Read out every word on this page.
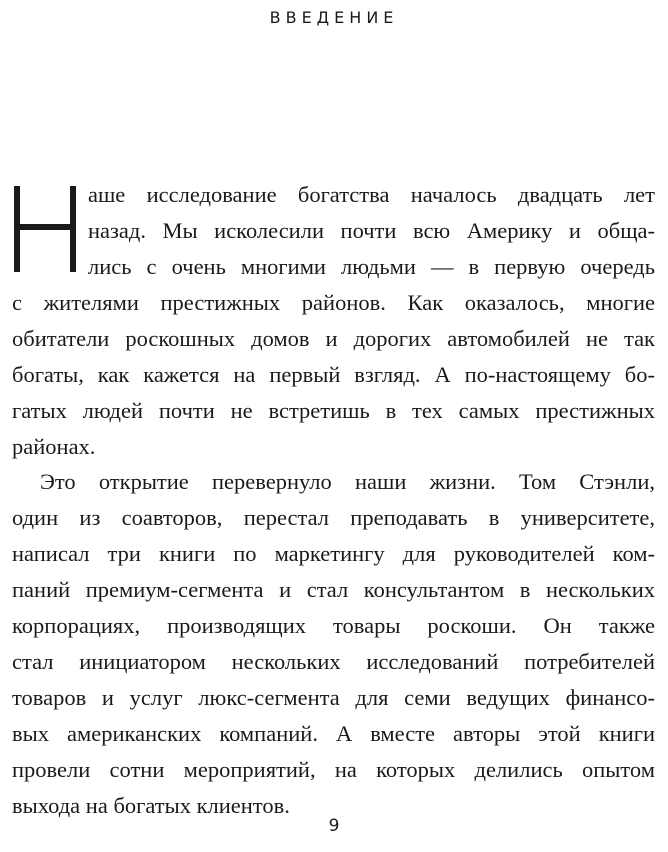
ВВЕДЕНИЕ
аше исследование богатства началось двадцать лет
назад. Мы исколесили почти всю Америку и обща-
лись с очень многими людьми — в первую очередь
с жителями престижных районов. Как оказалось, многие
обитатели роскошных домов и дорогих автомобилей не так
богаты, как кажется на первый взгляд. А по-настоящему бо-
гатых людей почти не встретишь в тех самых престижных
районах.
Это открытие перевернуло наши жизни. Том Стэнли,
один из соавторов, перестал преподавать в университете,
написал три книги по маркетингу для руководителей ком-
паний премиум-сегмента и стал консультантом в нескольких
корпорациях, производящих товары роскоши. Он также
стал инициатором нескольких исследований потребителей
товаров и услуг люкс-сегмента для семи ведущих финансо-
вых американских компаний. А вместе авторы этой книги
провели сотни мероприятий, на которых делились опытом
выхода на богатых клиентов.
9
